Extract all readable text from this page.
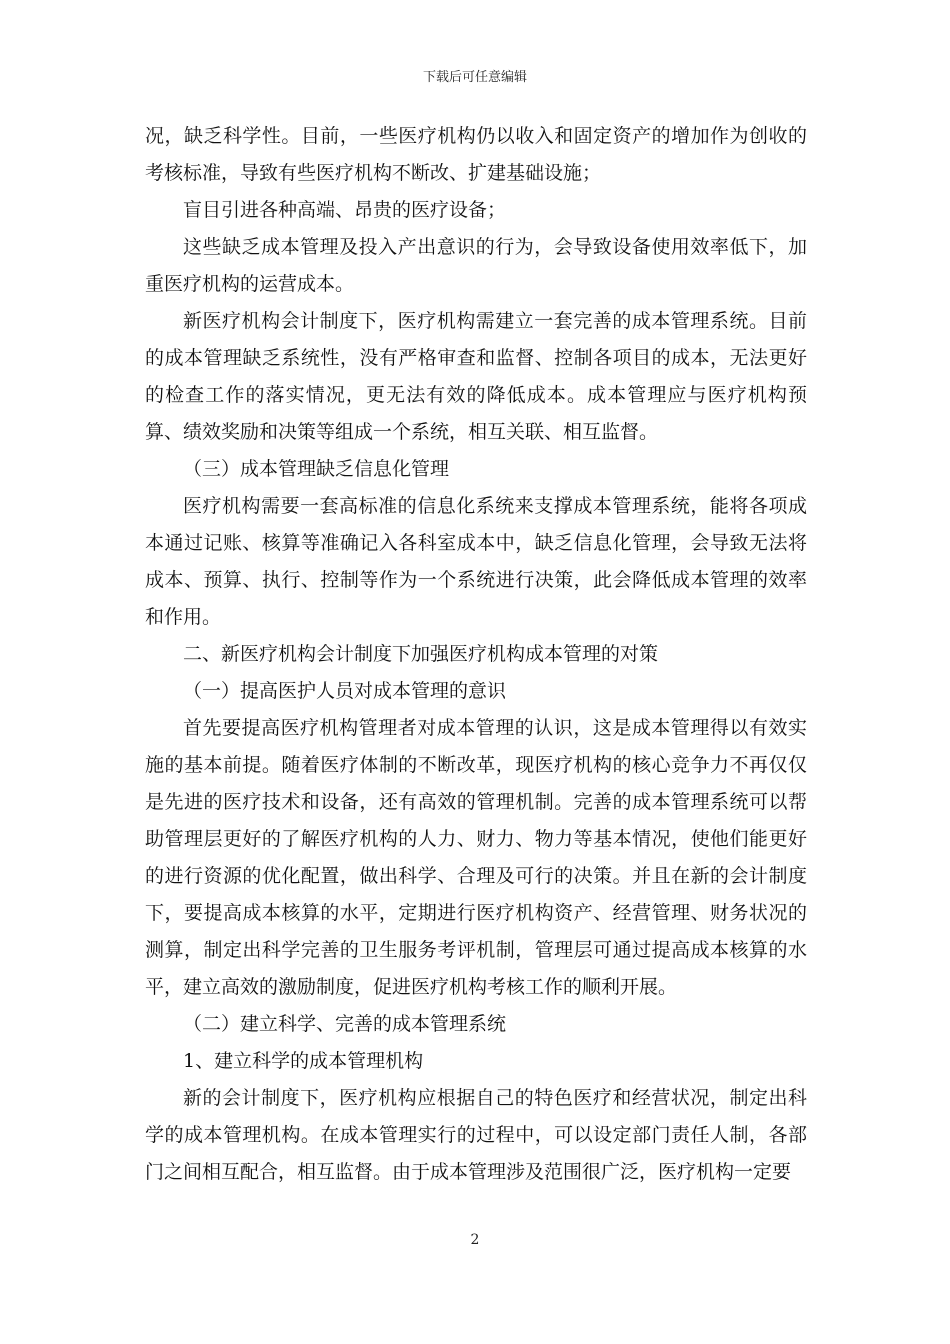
下载后可任意编辑

况，缺乏科学性。目前，一些医疗机构仍以收入和固定资产的增加作为创收的考核标准，导致有些医疗机构不断改、扩建基础设施；

盲目引进各种高端、昂贵的医疗设备；

这些缺乏成本管理及投入产出意识的行为，会导致设备使用效率低下，加重医疗机构的运营成本。

新医疗机构会计制度下，医疗机构需建立一套完善的成本管理系统。目前的成本管理缺乏系统性，没有严格审查和监督、控制各项目的成本，无法更好的检查工作的落实情况，更无法有效的降低成本。成本管理应与医疗机构预算、绩效奖励和决策等组成一个系统，相互关联、相互监督。

（三）成本管理缺乏信息化管理

医疗机构需要一套高标准的信息化系统来支撑成本管理系统，能将各项成本通过记账、核算等准确记入各科室成本中，缺乏信息化管理，会导致无法将成本、预算、执行、控制等作为一个系统进行决策，此会降低成本管理的效率和作用。

二、新医疗机构会计制度下加强医疗机构成本管理的对策

（一）提高医护人员对成本管理的意识

首先要提高医疗机构管理者对成本管理的认识，这是成本管理得以有效实施的基本前提。随着医疗体制的不断改革，现医疗机构的核心竞争力不再仅仅是先进的医疗技术和设备，还有高效的管理机制。完善的成本管理系统可以帮助管理层更好的了解医疗机构的人力、财力、物力等基本情况，使他们能更好的进行资源的优化配置，做出科学、合理及可行的决策。并且在新的会计制度下，要提高成本核算的水平，定期进行医疗机构资产、经营管理、财务状况的测算，制定出科学完善的卫生服务考评机制，管理层可通过提高成本核算的水平，建立高效的激励制度，促进医疗机构考核工作的顺利开展。

（二）建立科学、完善的成本管理系统

1、建立科学的成本管理机构

新的会计制度下，医疗机构应根据自己的特色医疗和经营状况，制定出科学的成本管理机构。在成本管理实行的过程中，可以设定部门责任人制，各部门之间相互配合，相互监督。由于成本管理涉及范围很广泛，医疗机构一定要

2
